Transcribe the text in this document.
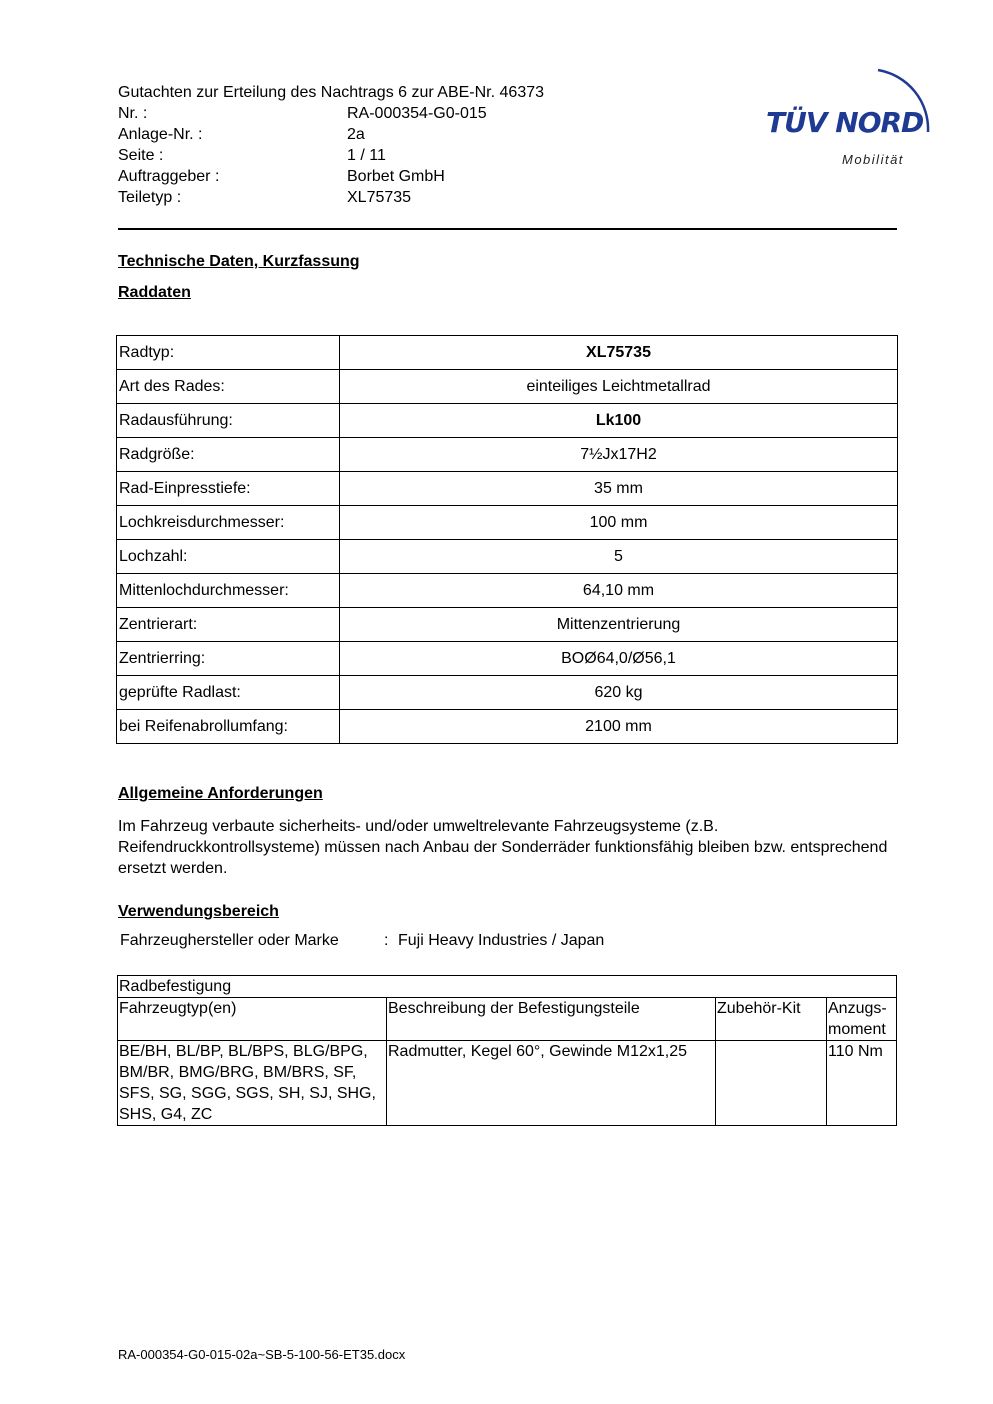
Gutachten zur Erteilung des Nachtrags 6 zur ABE-Nr. 46373
Nr. :	RA-000354-G0-015
Anlage-Nr. :	2a
Seite :	1 / 11
Auftraggeber :	Borbet GmbH
Teiletyp :	XL75735
TÜV NORD
Mobilität
Technische Daten, Kurzfassung
Raddaten
Radtyp:	XL75735
Art des Rades:	einteiliges Leichtmetallrad
Radausführung:	Lk100
Radgröße:	7½Jx17H2
Rad-Einpresstiefe:	35 mm
Lochkreisdurchmesser:	100 mm
Lochzahl:	5
Mittenlochdurchmesser:	64,10 mm
Zentrierart:	Mittenzentrierung
Zentrierring:	BOØ64,0/Ø56,1
geprüfte Radlast:	620 kg
bei Reifenabrollumfang:	2100 mm
Allgemeine Anforderungen
Im Fahrzeug verbaute sicherheits- und/oder umweltrelevante Fahrzeugsysteme (z.B. Reifendruckkontrollsysteme) müssen nach Anbau der Sonderräder funktionsfähig bleiben bzw. entsprechend ersetzt werden.
Verwendungsbereich
Fahrzeughersteller oder Marke	: Fuji Heavy Industries / Japan
Radbefestigung			
Fahrzeugtyp(en)	Beschreibung der Befestigungsteile	Zubehör-Kit	Anzugs-
moment
BE/BH, BL/BP, BL/BPS, BLG/BPG, BM/BR, BMG/BRG, BM/BRS, SF, SFS, SG, SGG, SGS, SH, SJ, SHG, SHS, G4, ZC	Radmutter, Kegel 60°, Gewinde M12x1,25		110 Nm
RA-000354-G0-015-02a~SB-5-100-56-ET35.docx
